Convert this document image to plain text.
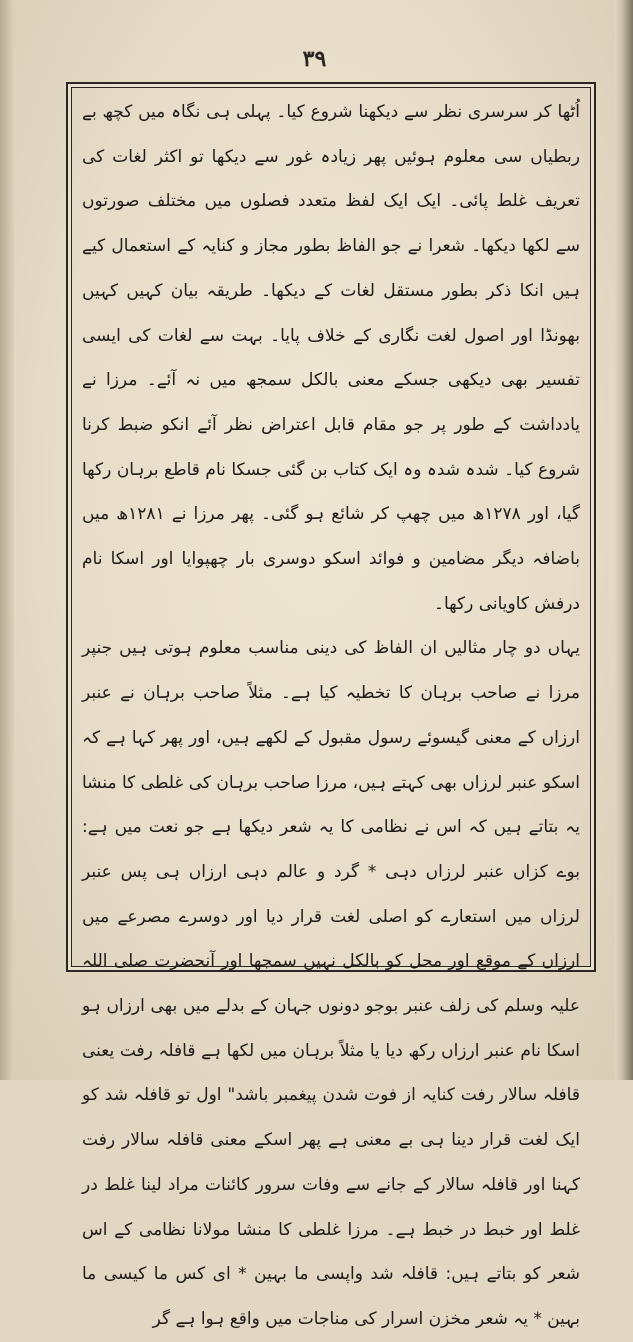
۳۹

اُٹھا کر سرسری نظر سے دیکھنا شروع کیا۔ پہلی ہی نگاہ میں کچھ بے ربطیاں سی معلوم ہوئیں پھر زیادہ غور سے دیکھا تو اکثر لغات کی تعریف غلط پائی۔ ایک ایک لفظ متعدد فصلوں میں مختلف صورتوں سے لکھا دیکھا۔ شعرا نے جو الفاظ بطور مجاز و کنایہ کے استعمال کیے ہیں انکا ذکر بطور مستقل لغات کے دیکھا۔ طریقہ بیان کہیں کہیں بھونڈا اور اصول لغت نگاری کے خلاف پایا۔ بہت سے لغات کی ایسی تفسیر بھی دیکھی جسکے معنی بالکل سمجھ میں نہ آئے۔ مرزا نے یادداشت کے طور پر جو مقام قابل اعتراض نظر آئے انکو ضبط کرنا شروع کیا۔ شدہ شدہ وہ ایک کتاب بن گئی جسکا نام قاطع برہان رکھا گیا، اور ۱۲۷۸ھ میں چھپ کر شائع ہو گئی۔ پھر مرزا نے ۱۲۸۱ھ میں باضافہ دیگر مضامین و فوائد اسکو دوسری بار چھپوایا اور اسکا نام درفش کاویانی رکھا۔

یہاں دو چار مثالیں ان الفاظ کی دینی مناسب معلوم ہوتی ہیں جنپر مرزا نے صاحب برہان کا تخطیہ کیا ہے۔ مثلاً صاحب برہان نے عنبر ارزاں کے معنی گیسوئے رسول مقبول کے لکھے ہیں، اور پھر کہا ہے کہ اسکو عنبر لرزاں بھی کہتے ہیں، مرزا صاحب برہان کی غلطی کا منشا یہ بتاتے ہیں کہ اس نے نظامی کا یہ شعر دیکھا ہے جو نعت میں ہے: بوے کزاں عنبر لرزاں دہی * گرد و عالم دہی ارزاں ہی پس عنبر لرزاں میں استعارے کو اصلی لغت قرار دیا اور دوسرے مصرعے میں ارزاں کے موقع اور محل کو بالکل نہیں سمجھا اور آنحضرت صلی اللہ علیہ وسلم کی زلف عنبر بوجو دونوں جہان کے بدلے میں بھی ارزاں ہو اسکا نام عنبر ارزاں رکھ دیا یا مثلاً برہان میں لکھا ہے قافلہ رفت یعنی قافلہ سالار رفت کنایہ از فوت شدن پیغمبر باشد" اول تو قافلہ شد کو ایک لغت قرار دینا ہی بے معنی ہے پھر اسکے معنی قافلہ سالار رفت کہنا اور قافلہ سالار کے جانے سے وفات سرور کائنات مراد لینا غلط در غلط اور خبط در خبط ہے۔ مرزا غلطی کا منشا مولانا نظامی کے اس شعر کو بتاتے ہیں: قافلہ شد واپسی ما بہین * ای کس ما کیسی ما بہین * یہ شعر مخزن اسرار کی مناجات میں واقع ہوا ہے گر
